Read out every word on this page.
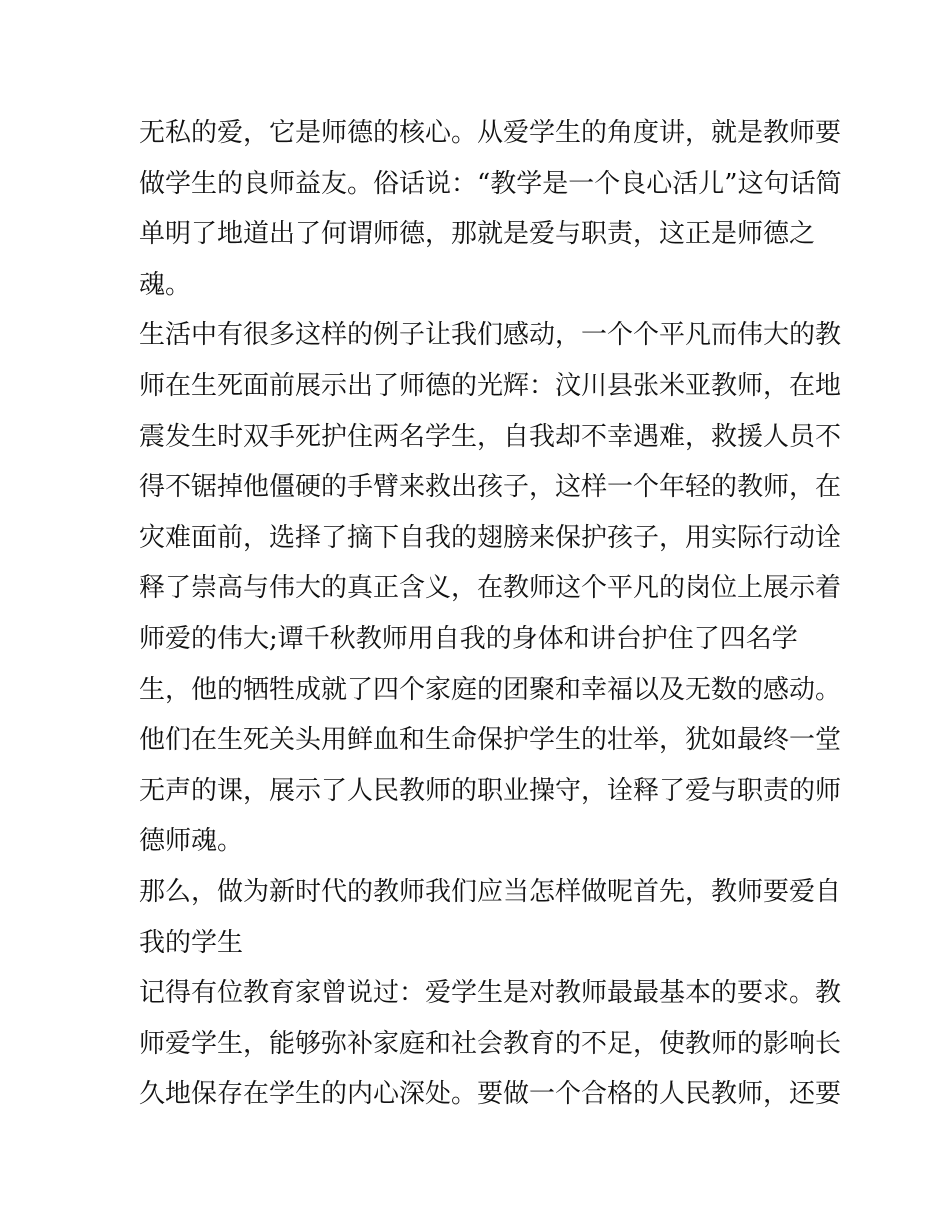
无私的爱，它是师德的核心。从爱学生的角度讲，就是教师要
做学生的良师益友。俗话说：“教学是一个良心活儿”这句话简
单明了地道出了何谓师德，那就是爱与职责，这正是师德之
魂。
生活中有很多这样的例子让我们感动，一个个平凡而伟大的教
师在生死面前展示出了师德的光辉：汶川县张米亚教师，在地
震发生时双手死护住两名学生，自我却不幸遇难，救援人员不
得不锯掉他僵硬的手臂来救出孩子，这样一个年轻的教师，在
灾难面前，选择了摘下自我的翅膀来保护孩子，用实际行动诠
释了崇高与伟大的真正含义，在教师这个平凡的岗位上展示着
师爱的伟大;谭千秋教师用自我的身体和讲台护住了四名学
生，他的牺牲成就了四个家庭的团聚和幸福以及无数的感动。
他们在生死关头用鲜血和生命保护学生的壮举，犹如最终一堂
无声的课，展示了人民教师的职业操守，诠释了爱与职责的师
德师魂。
那么，做为新时代的教师我们应当怎样做呢首先，教师要爱自
我的学生
记得有位教育家曾说过：爱学生是对教师最最基本的要求。教
师爱学生，能够弥补家庭和社会教育的不足，使教师的影响长
久地保存在学生的内心深处。要做一个合格的人民教师，还要
